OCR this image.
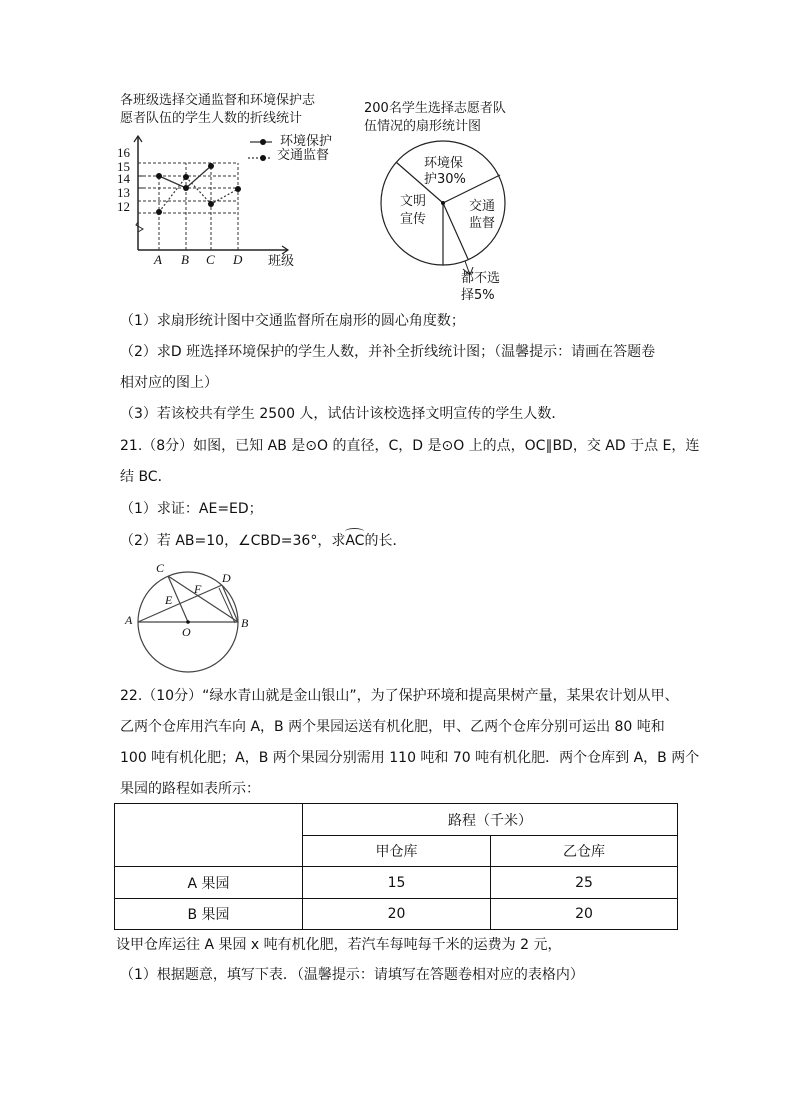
各班级选择交通监督和环境保护志
愿者队伍的学生人数的折线统计
16
15
14
13
12
A B C D 班级
环境保护
交通监督
200名学生选择志愿者队
伍情况的扇形统计图
环境保
护30%
交通
监督
文明
宣传
都不选
择5%
（1）求扇形统计图中交通监督所在扇形的圆心角度数；
（2）求D 班选择环境保护的学生人数，并补全折线统计图；（温馨提示：请画在答题卷
相对应的图上）
（3）若该校共有学生 2500 人，试估计该校选择文明宣传的学生人数．
21.（8分）如图，已知 AB 是⊙O 的直径，C，D 是⊙O 上的点，OC∥BD，交 AD 于点 E，连
结 BC．
（1）求证：AE=ED；
（2）若 AB=10，∠CBD=36°，求AC的长．
A	B
C
D
E
F
O
22.（10分）“绿水青山就是金山银山”，为了保护环境和提高果树产量，某果农计划从甲、
乙两个仓库用汽车向 A，B 两个果园运送有机化肥，甲、乙两个仓库分别可运出 80 吨和
100 吨有机化肥；A，B 两个果园分别需用 110 吨和 70 吨有机化肥．两个仓库到 A，B 两个
果园的路程如表所示：
	路程（千米）	
	甲仓库	乙仓库
A 果园	15	25
B 果园	20	20
设甲仓库运往 A 果园 x 吨有机化肥，若汽车每吨每千米的运费为 2 元，
（1）根据题意，填写下表．（温馨提示：请填写在答题卷相对应的表格内）
